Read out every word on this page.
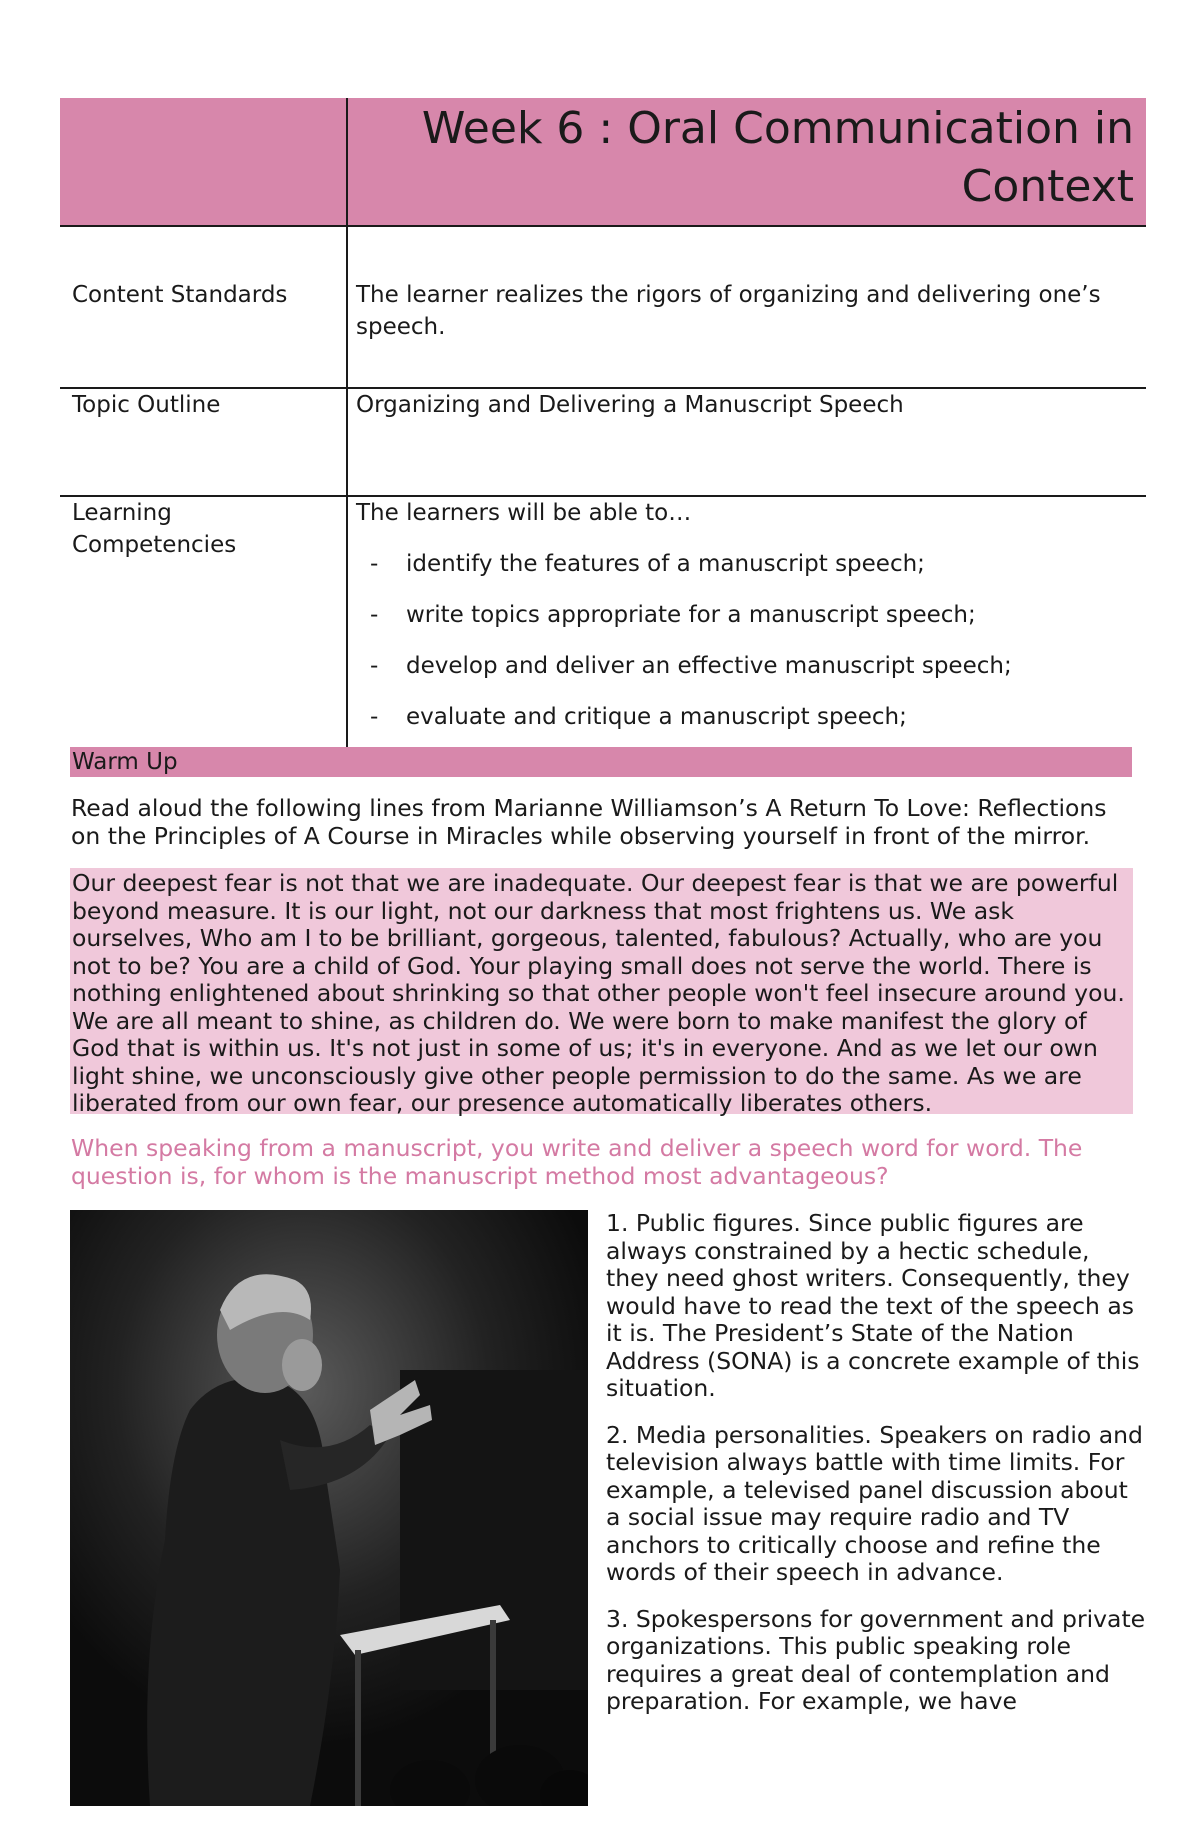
Week 6 : Oral Communication in
Context
Content Standards	The learner realizes the rigors of organizing and delivering one’s speech.
Topic Outline	Organizing and Delivering a Manuscript Speech
Learning
Competencies
The learners will be able to…
- identify the features of a manuscript speech;
- write topics appropriate for a manuscript speech;
- develop and deliver an effective manuscript speech;
- evaluate and critique a manuscript speech;
Warm Up
Read aloud the following lines from Marianne Williamson’s A Return To Love: Reflections on the Principles of A Course in Miracles while observing yourself in front of the mirror.
Our deepest fear is not that we are inadequate. Our deepest fear is that we are powerful beyond measure. It is our light, not our darkness that most frightens us. We ask ourselves, Who am I to be brilliant, gorgeous, talented, fabulous? Actually, who are you not to be? You are a child of God. Your playing small does not serve the world. There is nothing enlightened about shrinking so that other people won't feel insecure around you. We are all meant to shine, as children do. We were born to make manifest the glory of God that is within us. It's not just in some of us; it's in everyone. And as we let our own light shine, we unconsciously give other people permission to do the same. As we are liberated from our own fear, our presence automatically liberates others.
When speaking from a manuscript, you write and deliver a speech word for word. The question is, for whom is the manuscript method most advantageous?

1. Public figures. Since public figures are always constrained by a hectic schedule, they need ghost writers. Consequently, they would have to read the text of the speech as it is. The President’s State of the Nation Address (SONA) is a concrete example of this situation.

2. Media personalities. Speakers on radio and television always battle with time limits. For example, a televised panel discussion about a social issue may require radio and TV anchors to critically choose and refine the words of their speech in advance.

3. Spokespersons for government and private organizations. This public speaking role requires a great deal of contemplation and preparation. For example, we have
